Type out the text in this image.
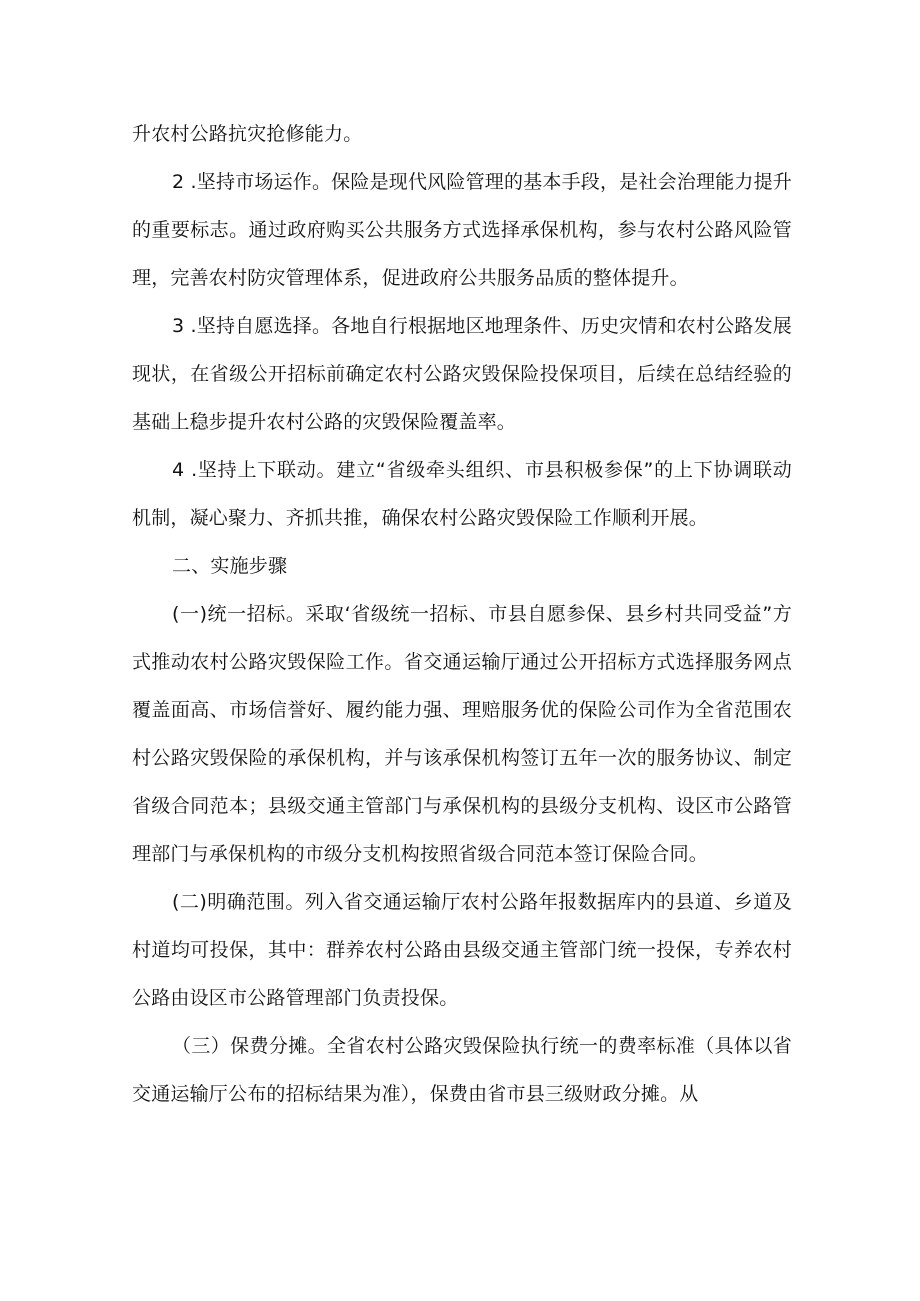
升农村公路抗灾抢修能力。

2 .坚持市场运作。保险是现代风险管理的基本手段，是社会治理能力提升的重要标志。通过政府购买公共服务方式选择承保机构，参与农村公路风险管理，完善农村防灾管理体系，促进政府公共服务品质的整体提升。

3 .坚持自愿选择。各地自行根据地区地理条件、历史灾情和农村公路发展现状，在省级公开招标前确定农村公路灾毁保险投保项目，后续在总结经验的基础上稳步提升农村公路的灾毁保险覆盖率。

4 .坚持上下联动。建立“省级牵头组织、市县积极参保”的上下协调联动机制，凝心聚力、齐抓共推，确保农村公路灾毁保险工作顺利开展。

二、实施步骤

(一)统一招标。采取‘省级统一招标、市县自愿参保、县乡村共同受益”方式推动农村公路灾毁保险工作。省交通运输厅通过公开招标方式选择服务网点覆盖面高、市场信誉好、履约能力强、理赔服务优的保险公司作为全省范围农村公路灾毁保险的承保机构，并与该承保机构签订五年一次的服务协议、制定省级合同范本；县级交通主管部门与承保机构的县级分支机构、设区市公路管理部门与承保机构的市级分支机构按照省级合同范本签订保险合同。

(二)明确范围。列入省交通运输厅农村公路年报数据库内的县道、乡道及村道均可投保，其中：群养农村公路由县级交通主管部门统一投保，专养农村公路由设区市公路管理部门负责投保。

（三）保费分摊。全省农村公路灾毁保险执行统一的费率标准（具体以省交通运输厅公布的招标结果为准），保费由省市县三级财政分摊。从
